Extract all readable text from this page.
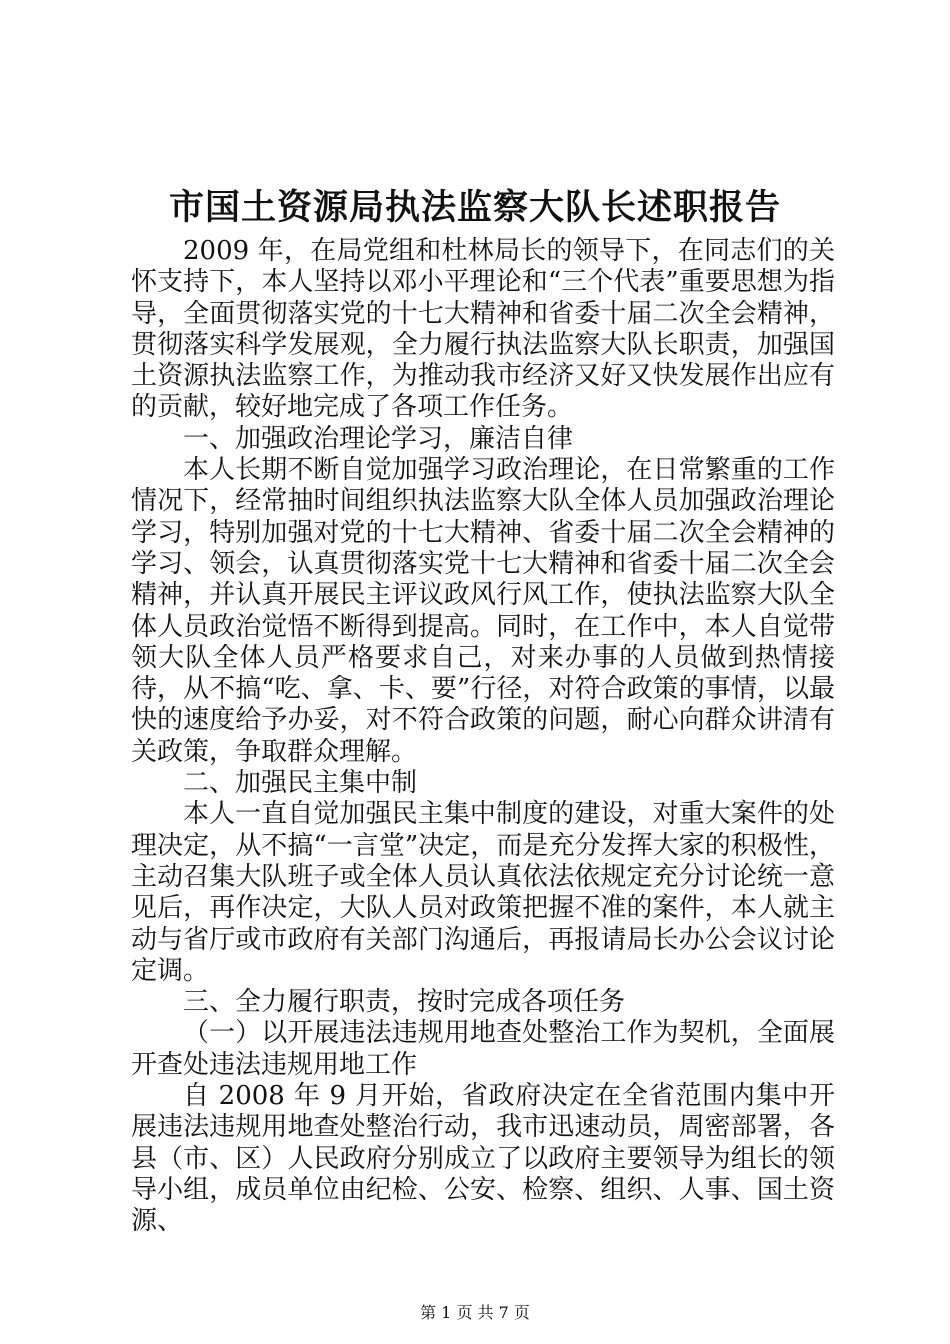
市国土资源局执法监察大队长述职报告

2009 年，在局党组和杜林局长的领导下，在同志们的关怀支持下，本人坚持以邓小平理论和“三个代表”重要思想为指导，全面贯彻落实党的十七大精神和省委十届二次全会精神，贯彻落实科学发展观，全力履行执法监察大队长职责，加强国土资源执法监察工作，为推动我市经济又好又快发展作出应有的贡献，较好地完成了各项工作任务。

一、加强政治理论学习，廉洁自律

本人长期不断自觉加强学习政治理论，在日常繁重的工作情况下，经常抽时间组织执法监察大队全体人员加强政治理论学习，特别加强对党的十七大精神、省委十届二次全会精神的学习、领会，认真贯彻落实党十七大精神和省委十届二次全会精神，并认真开展民主评议政风行风工作，使执法监察大队全体人员政治觉悟不断得到提高。同时，在工作中，本人自觉带领大队全体人员严格要求自己，对来办事的人员做到热情接待，从不搞“吃、拿、卡、要”行径，对符合政策的事情，以最快的速度给予办妥，对不符合政策的问题，耐心向群众讲清有关政策，争取群众理解。

二、加强民主集中制

本人一直自觉加强民主集中制度的建设，对重大案件的处理决定，从不搞“一言堂”决定，而是充分发挥大家的积极性，主动召集大队班子或全体人员认真依法依规定充分讨论统一意见后，再作决定，大队人员对政策把握不准的案件，本人就主动与省厅或市政府有关部门沟通后，再报请局长办公会议讨论定调。

三、全力履行职责，按时完成各项任务

（一）以开展违法违规用地查处整治工作为契机，全面展开查处违法违规用地工作

自 2008 年 9 月开始，省政府决定在全省范围内集中开展违法违规用地查处整治行动，我市迅速动员，周密部署，各县（市、区）人民政府分别成立了以政府主要领导为组长的领导小组，成员单位由纪检、公安、检察、组织、人事、国土资源、

第 1 页 共 7 页
